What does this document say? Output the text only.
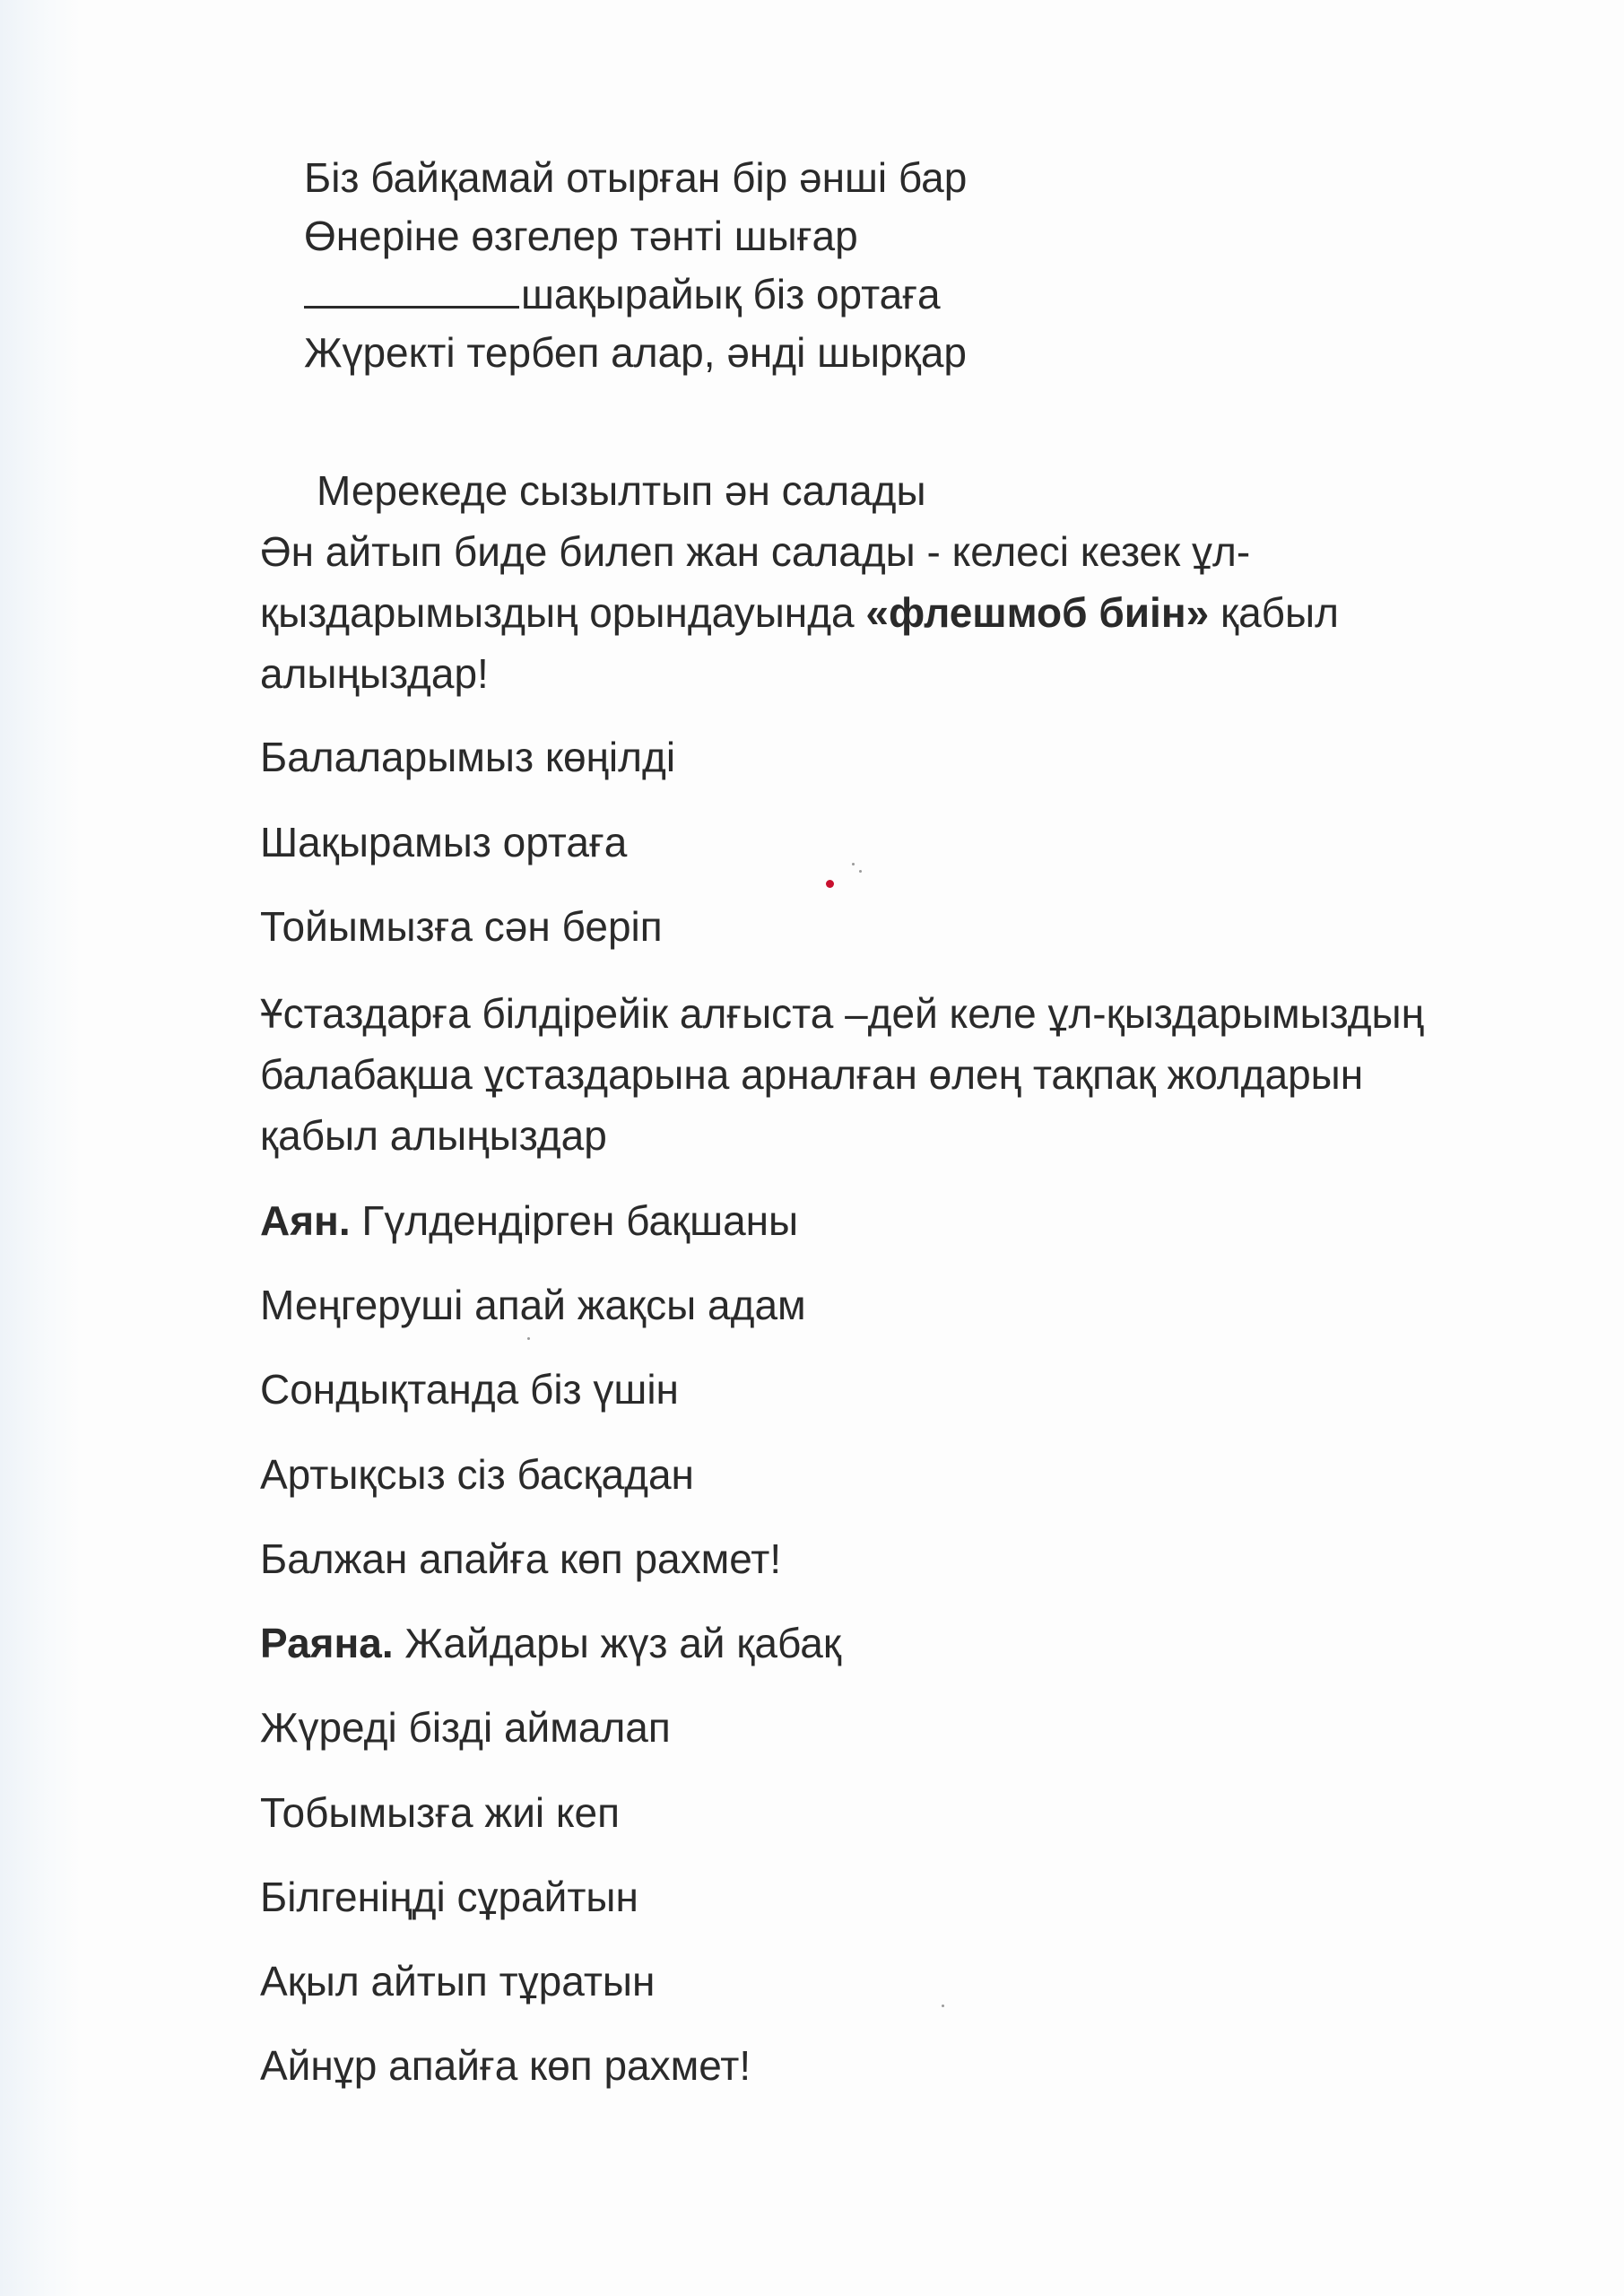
Біз байқамай отырған бір әнші бар
Өнеріне өзгелер тәнті шығар
шақырайық біз ортаға
Жүректі тербеп алар, әнді шырқар
Мерекеде сызылтып ән салады
Ән айтып биде билеп жан салады - келесі кезек ұл-
қыздарымыздың орындауында «флешмоб биін» қабыл
алыңыздар!
Балаларымыз көңілді
Шақырамыз ортаға
Тойымызға сән беріп
Ұстаздарға білдірейік алғыста –дей келе ұл-қыздарымыздың
балабақша ұстаздарына арналған өлең тақпақ жолдарын
қабыл алыңыздар
Аян. Гүлдендірген бақшаны
Меңгеруші апай жақсы адам
Сондықтанда біз үшін
Артықсыз сіз басқадан
Балжан апайға көп рахмет!
Раяна. Жайдары жүз ай қабақ
Жүреді бізді аймалап
Тобымызға жиі кеп
Білгеніңді сұрайтын
Ақыл айтып тұратын
Айнұр апайға көп рахмет!
